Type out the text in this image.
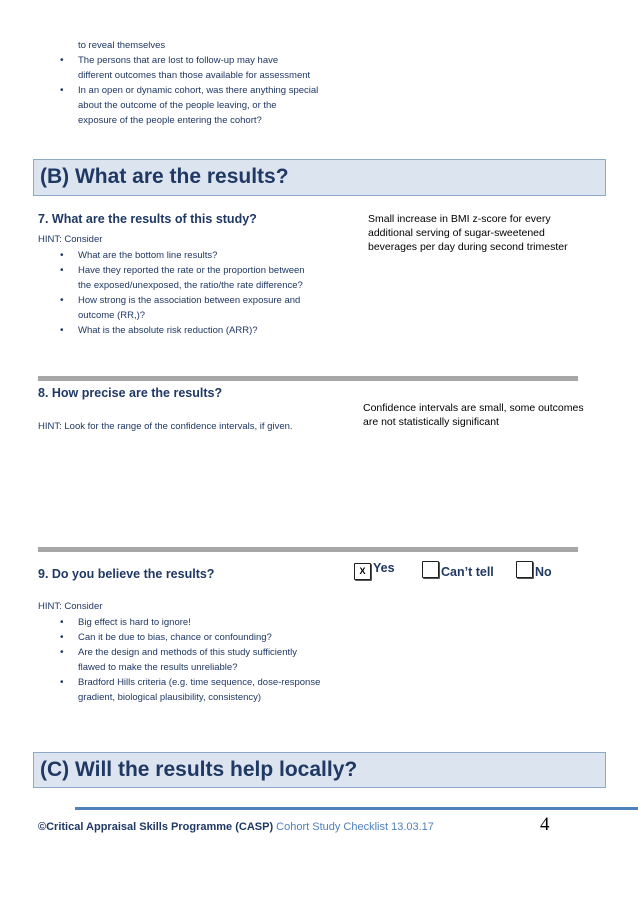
to reveal themselves
• The persons that are lost to follow-up may have
different outcomes than those available for assessment
• In an open or dynamic cohort, was there anything special
about the outcome of the people leaving, or the
exposure of the people entering the cohort?
(B) What are the results?
7. What are the results of this study?
HINT: Consider
• What are the bottom line results?
• Have they reported the rate or the proportion between
the exposed/unexposed, the ratio/the rate difference?
• How strong is the association between exposure and
outcome (RR,)?
• What is the absolute risk reduction (ARR)?
Small increase in BMI z-score for every
additional serving of sugar-sweetened
beverages per day during second trimester
8. How precise are the results?
HINT: Look for the range of the confidence intervals, if given.
Confidence intervals are small, some outcomes
are not statistically significant
9. Do you believe the results?	X Yes	Can’t tell	No
HINT: Consider
• Big effect is hard to ignore!
• Can it be due to bias, chance or confounding?
• Are the design and methods of this study sufficiently
flawed to make the results unreliable?
• Bradford Hills criteria (e.g. time sequence, dose-response
gradient, biological plausibility, consistency)
(C) Will the results help locally?
©Critical Appraisal Skills Programme (CASP) Cohort Study Checklist 13.03.17	4
